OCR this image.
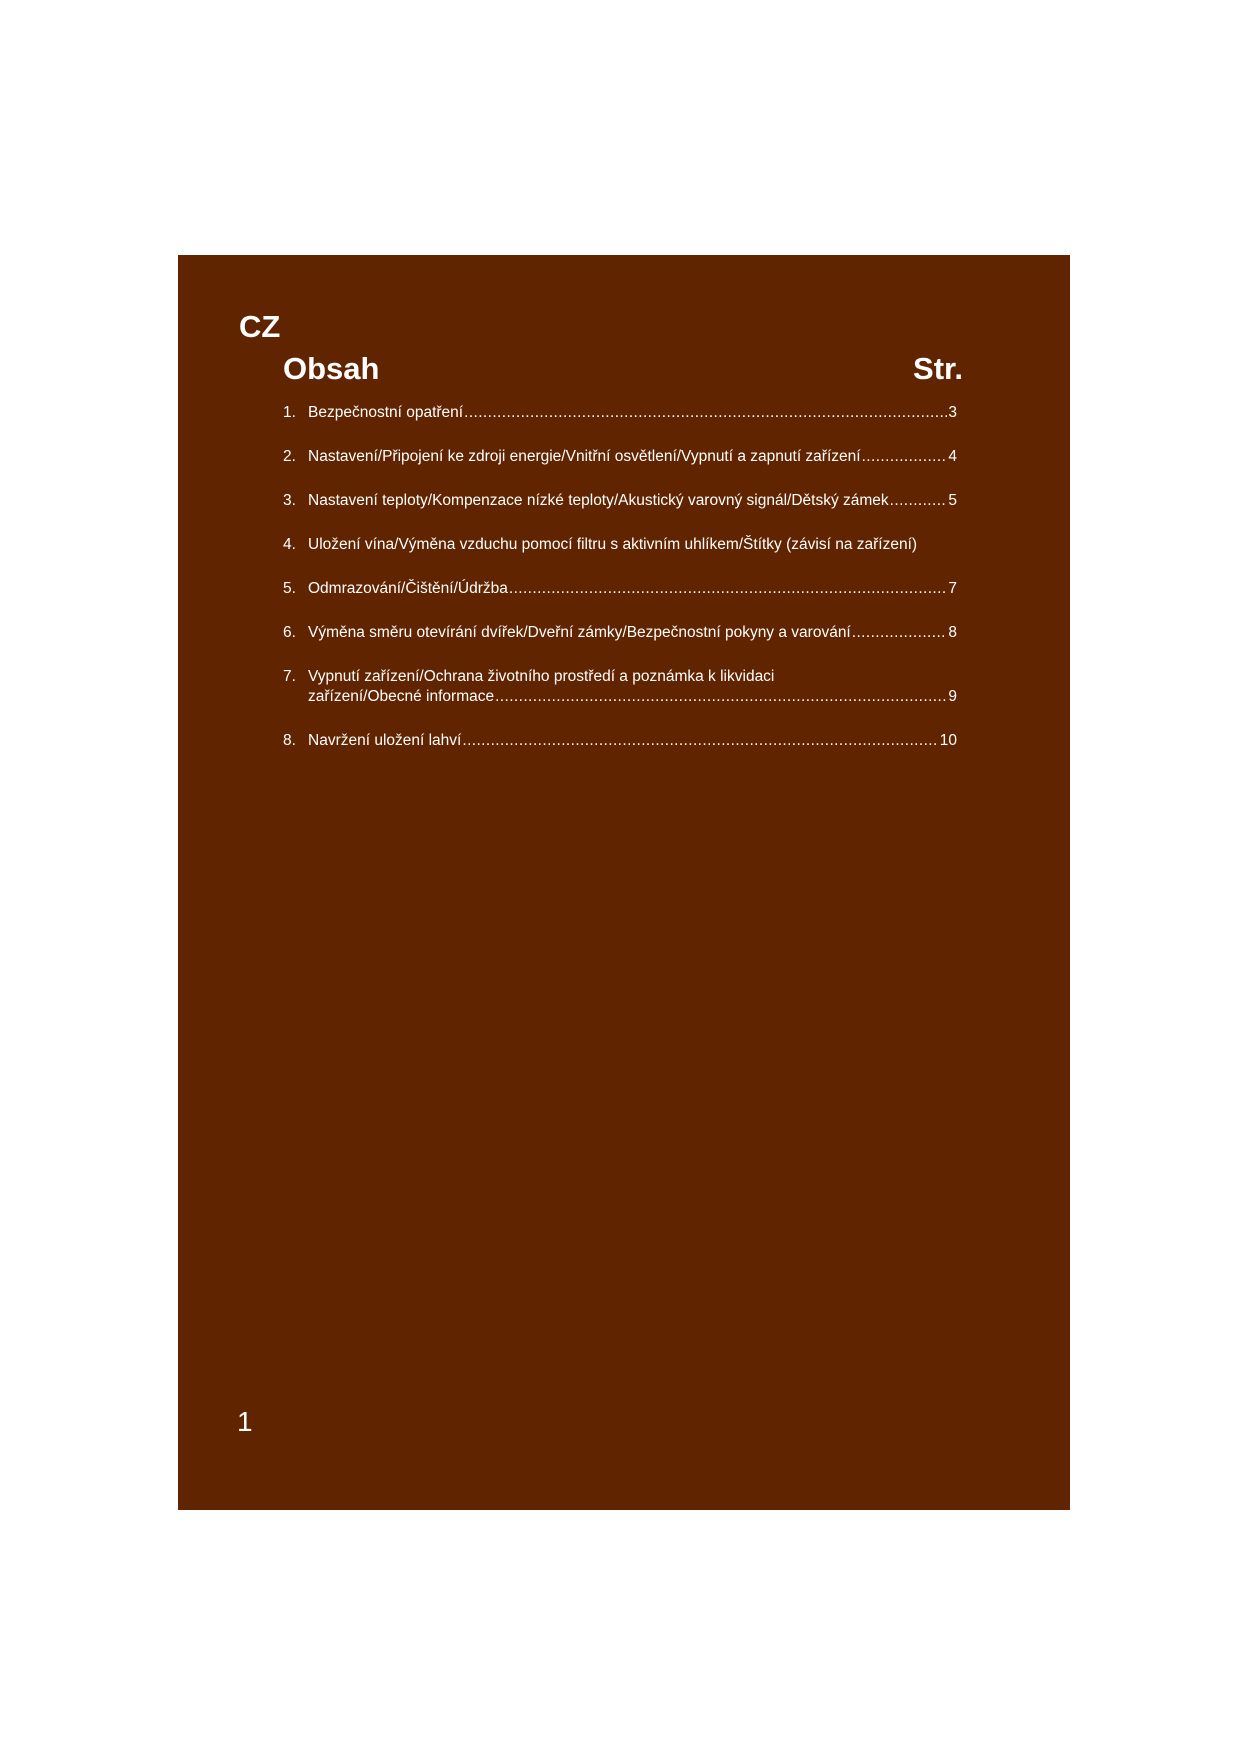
CZ
Obsah	Str.
1. Bezpečnostní opatření .....	3
2. Nastavení/Připojení ke zdroji energie/Vnitřní osvětlení/Vypnutí a zapnutí zařízení .....	4
3. Nastavení teploty/Kompenzace nízké teploty/Akustický varovný signál/Dětský zámek .....	5
4. Uložení vína/Výměna vzduchu pomocí filtru s aktivním uhlíkem/Štítky (závisí na zařízení)
5. Odmrazování/Čištění/Údržba .....	7
6. Výměna směru otevírání dvířek/Dveřní zámky/Bezpečnostní pokyny a varování .....	8
7. Vypnutí zařízení/Ochrana životního prostředí a poznámka k likvidaci
zařízení/Obecné informace .....	9
8. Navržení uložení lahví .....	10
1
